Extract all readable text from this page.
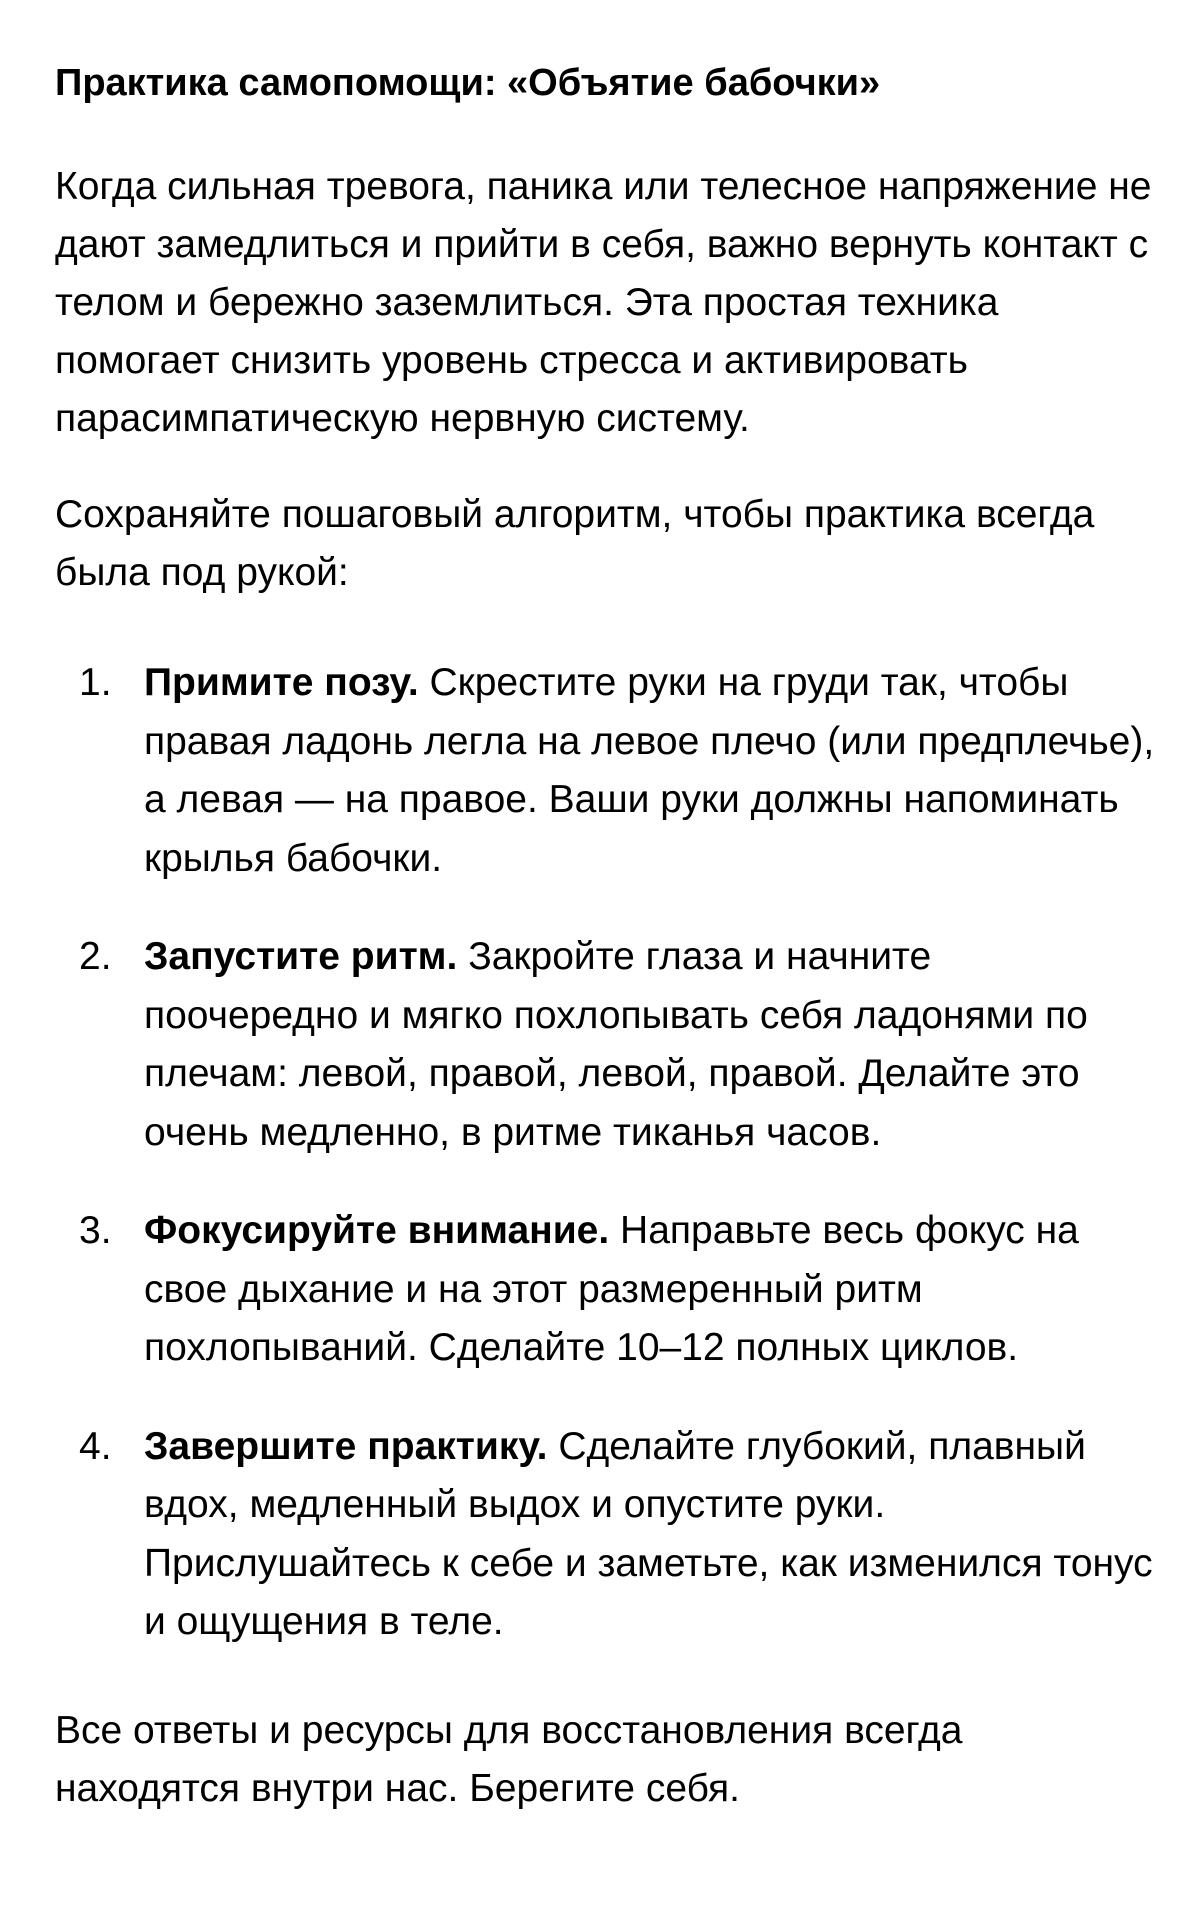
Практика самопомощи: «Объятие бабочки»

Когда сильная тревога, паника или телесное напряжение не дают замедлиться и прийти в себя, важно вернуть контакт с телом и бережно заземлиться. Эта простая техника помогает снизить уровень стресса и активировать парасимпатическую нервную систему.

Сохраняйте пошаговый алгоритм, чтобы практика всегда была под рукой:

1. Примите позу. Скрестите руки на груди так, чтобы правая ладонь легла на левое плечо (или предплечье), а левая — на правое. Ваши руки должны напоминать крылья бабочки.
2. Запустите ритм. Закройте глаза и начните поочередно и мягко похлопывать себя ладонями по плечам: левой, правой, левой, правой. Делайте это очень медленно, в ритме тиканья часов.
3. Фокусируйте внимание. Направьте весь фокус на свое дыхание и на этот размеренный ритм похлопываний. Сделайте 10–12 полных циклов.
4. Завершите практику. Сделайте глубокий, плавный вдох, медленный выдох и опустите руки. Прислушайтесь к себе и заметьте, как изменился тонус и ощущения в теле.

Все ответы и ресурсы для восстановления всегда находятся внутри нас. Берегите себя.
